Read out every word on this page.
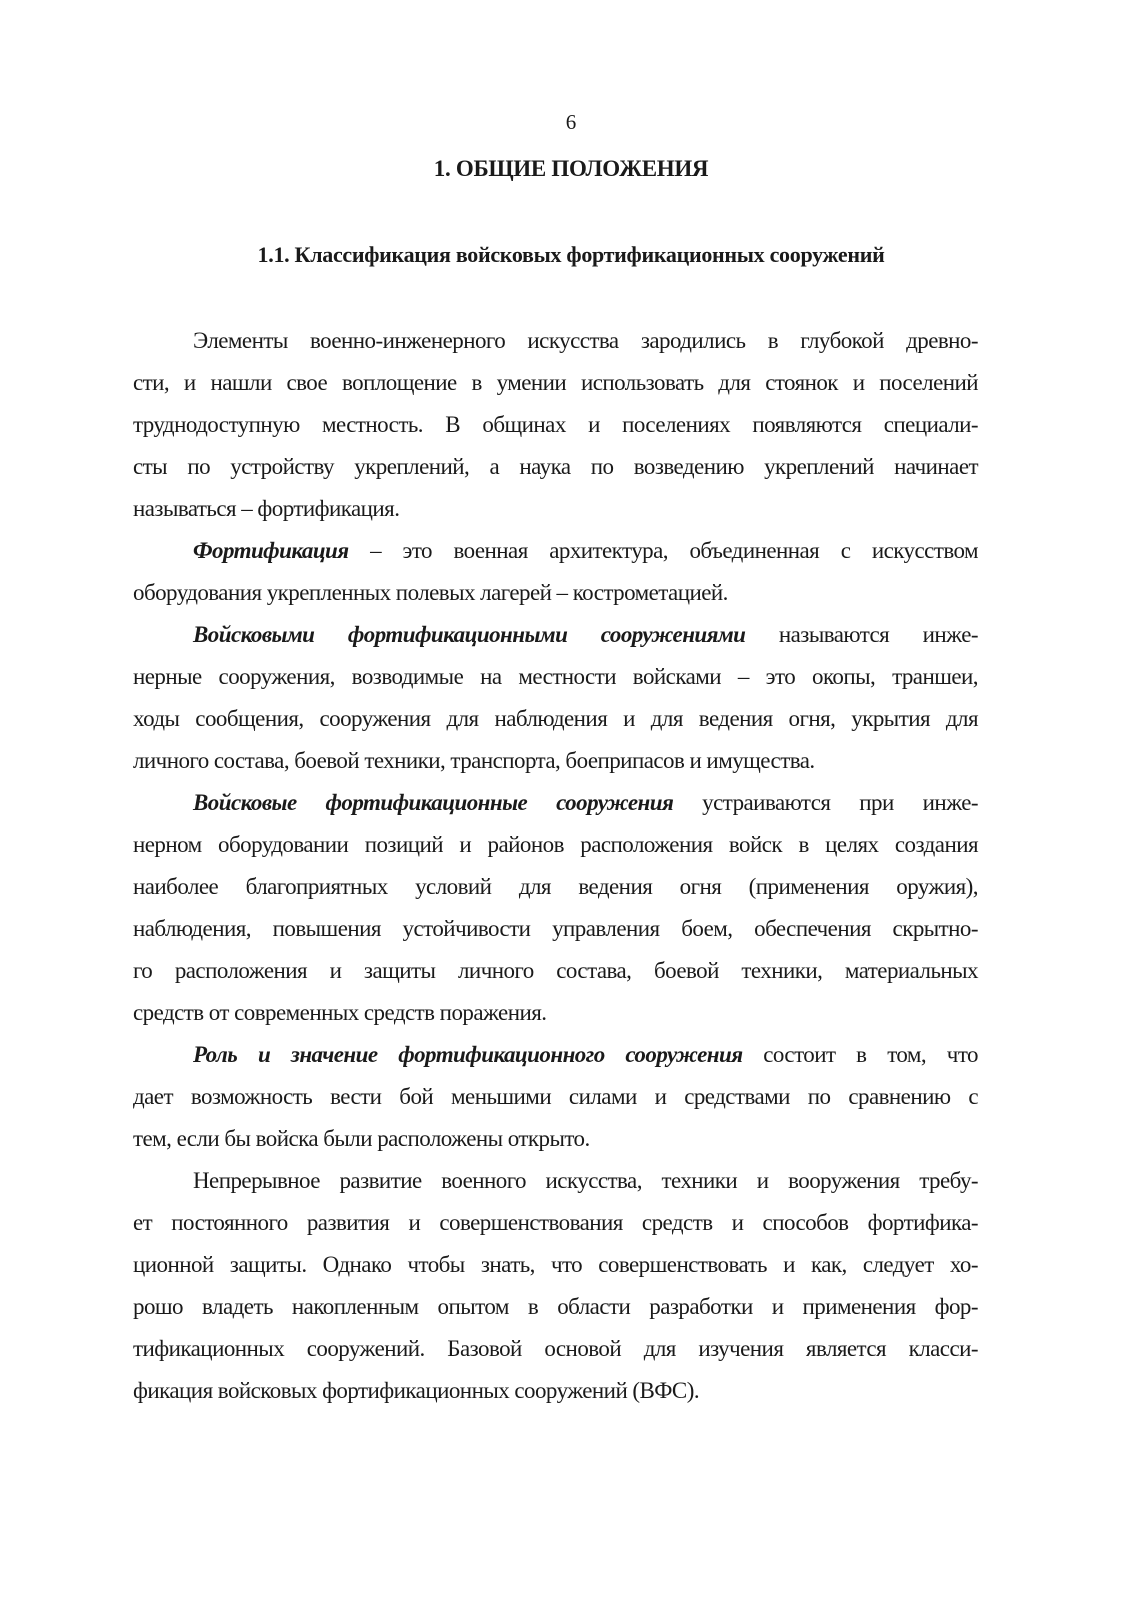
6
1. ОБЩИЕ ПОЛОЖЕНИЯ
1.1. Классификация войсковых фортификационных сооружений
Элементы военно-инженерного искусства зародились в глубокой древно-
сти, и нашли свое воплощение в умении использовать для стоянок и поселений
труднодоступную местность. В общинах и поселениях появляются специали-
сты по устройству укреплений, а наука по возведению укреплений начинает
называться – фортификация.
Фортификация – это военная архитектура, объединенная с искусством
оборудования укрепленных полевых лагерей – кострометацией.
Войсковыми фортификационными сооружениями называются инже-
нерные сооружения, возводимые на местности войсками – это окопы, траншеи,
ходы сообщения, сооружения для наблюдения и для ведения огня, укрытия для
личного состава, боевой техники, транспорта, боеприпасов и имущества.
Войсковые фортификационные сооружения устраиваются при инже-
нерном оборудовании позиций и районов расположения войск в целях создания
наиболее благоприятных условий для ведения огня (применения оружия),
наблюдения, повышения устойчивости управления боем, обеспечения скрытно-
го расположения и защиты личного состава, боевой техники, материальных
средств от современных средств поражения.
Роль и значение фортификационного сооружения состоит в том, что
дает возможность вести бой меньшими силами и средствами по сравнению с
тем, если бы войска были расположены открыто.
Непрерывное развитие военного искусства, техники и вооружения требу-
ет постоянного развития и совершенствования средств и способов фортифика-
ционной защиты. Однако чтобы знать, что совершенствовать и как, следует хо-
рошо владеть накопленным опытом в области разработки и применения фор-
тификационных сооружений. Базовой основой для изучения является класси-
фикация войсковых фортификационных сооружений (ВФС).
